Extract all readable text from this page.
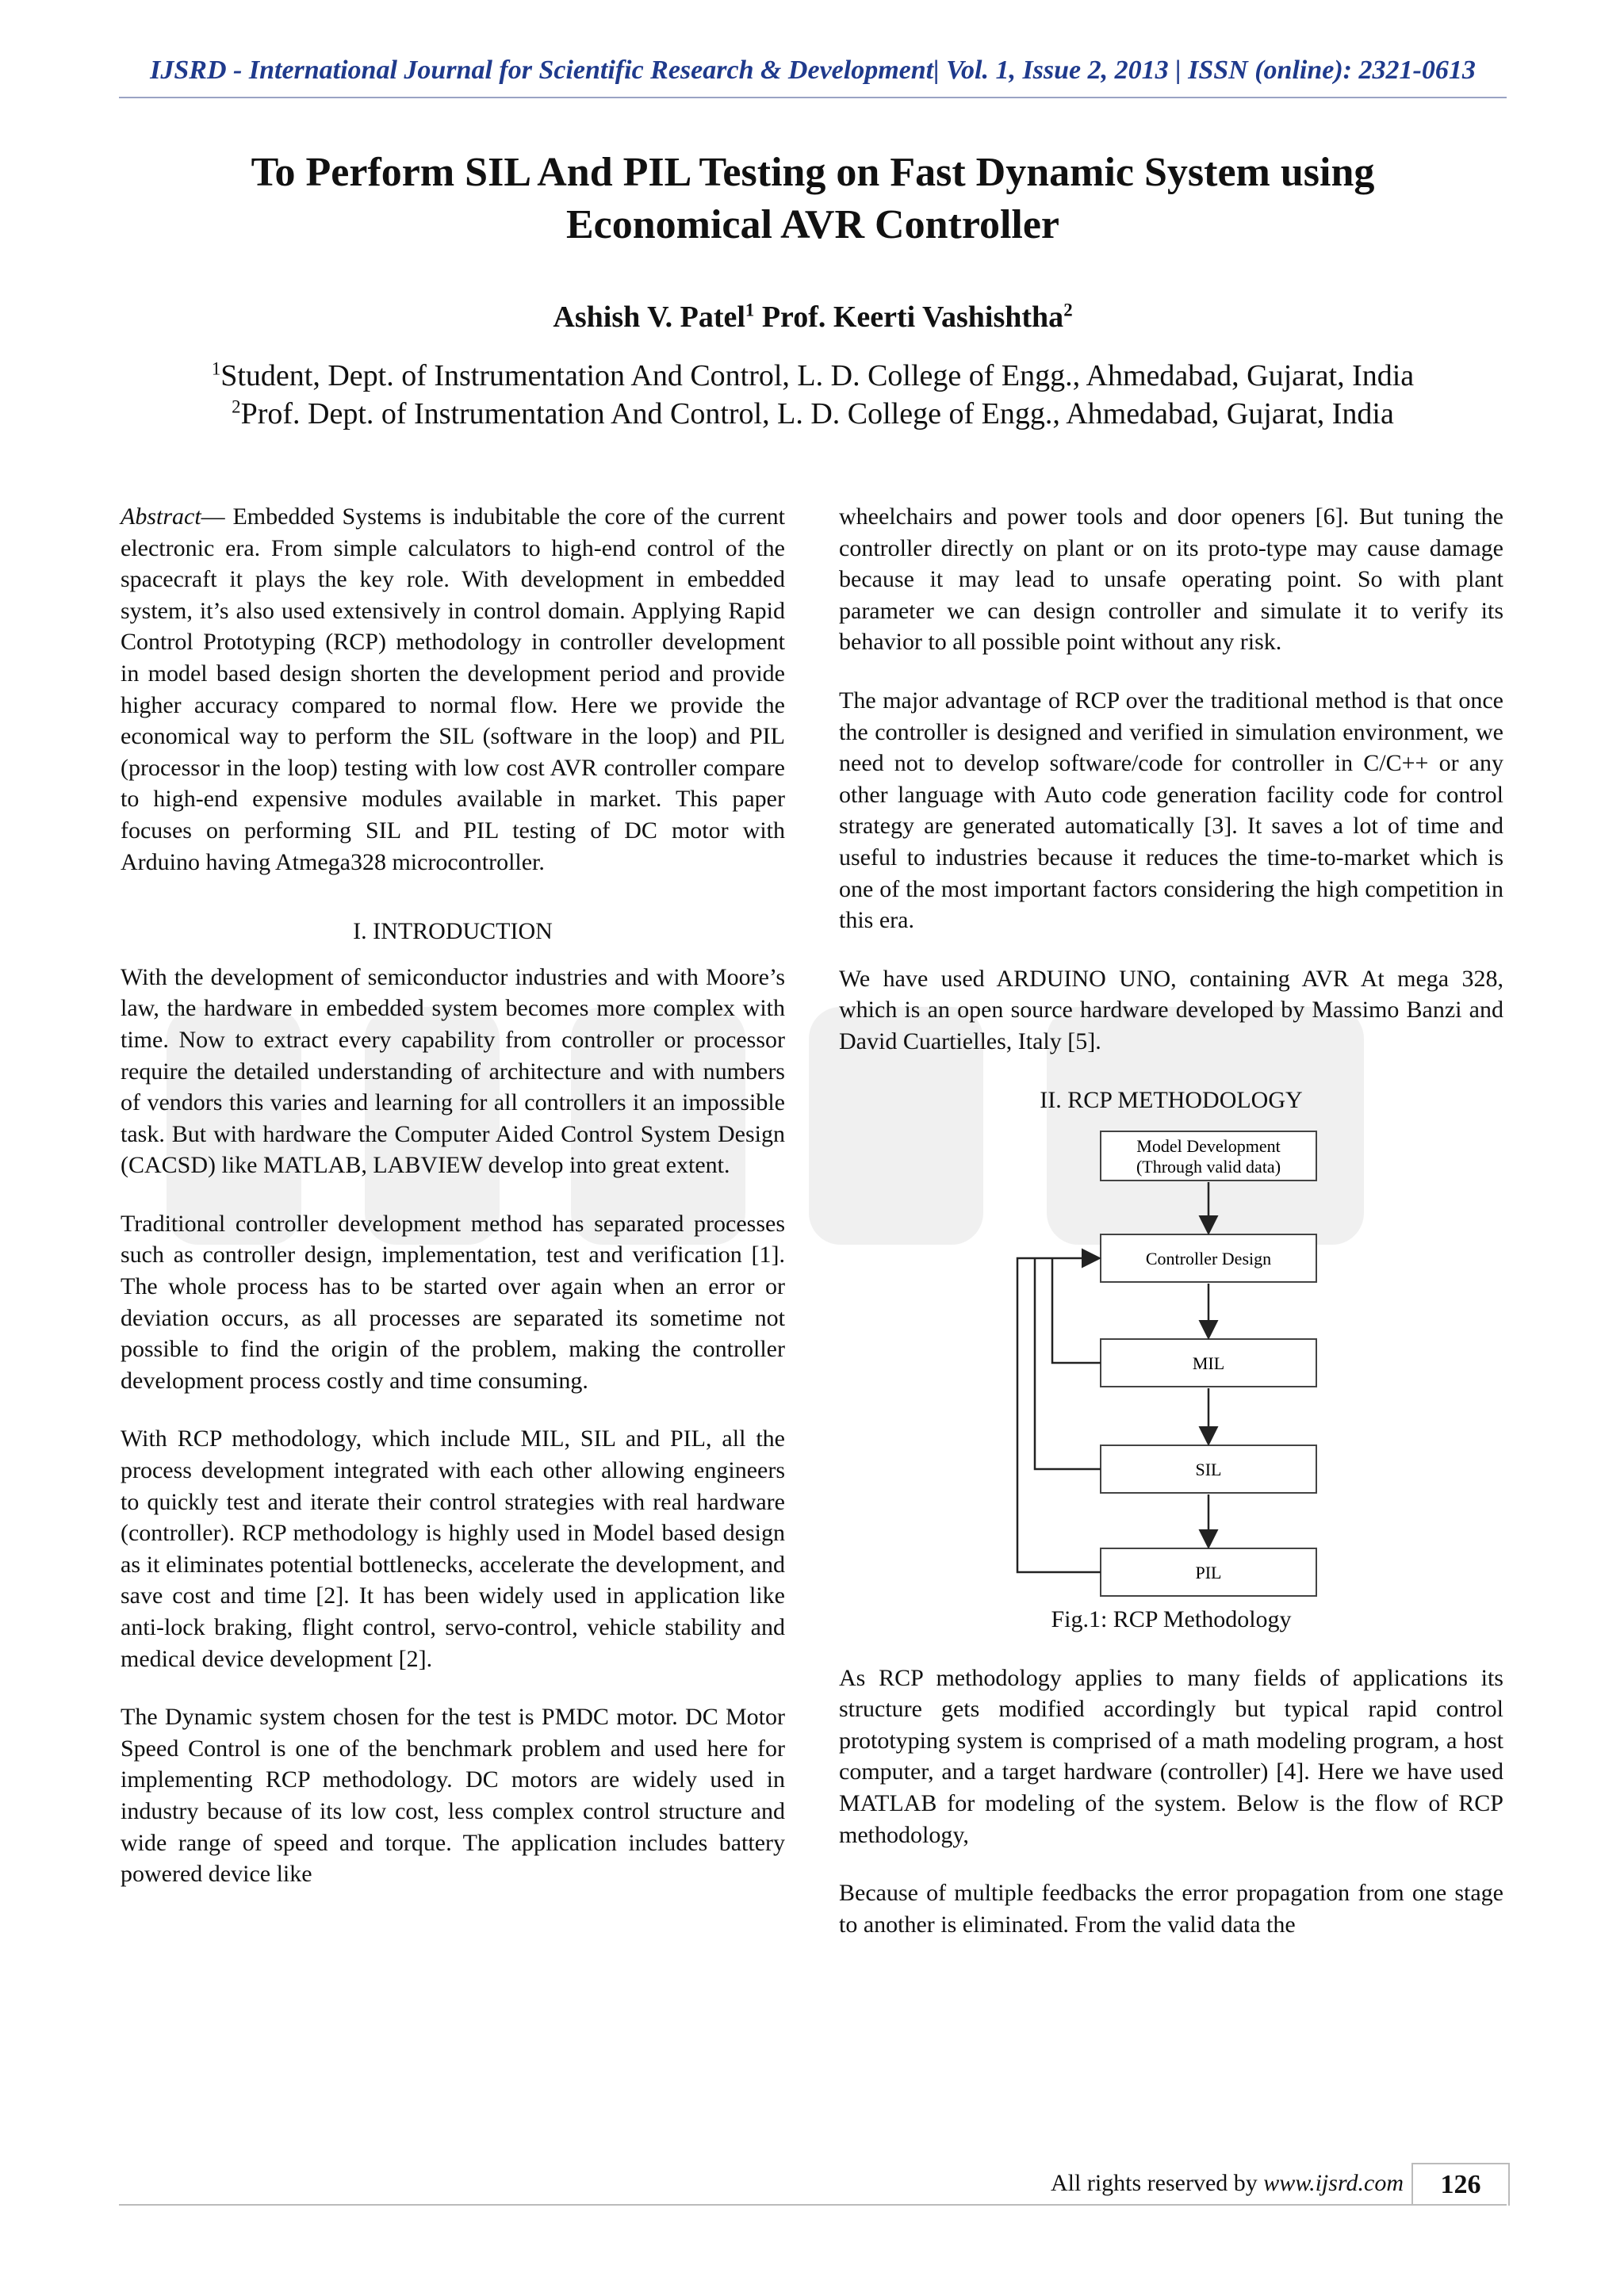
IJSRD - International Journal for Scientific Research & Development| Vol. 1, Issue 2, 2013 | ISSN (online): 2321-0613
To Perform SIL And PIL Testing on Fast Dynamic System using
Economical AVR Controller
Ashish V. Patel$^1$ Prof. Keerti Vashishtha$^2$
$^1$Student, Dept. of Instrumentation And Control, L. D. College of Engg., Ahmedabad, Gujarat, India
$^2$Prof. Dept. of Instrumentation And Control, L. D. College of Engg., Ahmedabad, Gujarat, India

Abstract— Embedded Systems is indubitable the core of the current electronic era. From simple calculators to high-end control of the spacecraft it plays the key role. With development in embedded system, it’s also used extensively in control domain. Applying Rapid Control Prototyping (RCP) methodology in controller development in model based design shorten the development period and provide higher accuracy compared to normal flow. Here we provide the economical way to perform the SIL (software in the loop) and PIL (processor in the loop) testing with low cost AVR controller compare to high-end expensive modules available in market. This paper focuses on performing SIL and PIL testing of DC motor with Arduino having Atmega328 microcontroller.

I. INTRODUCTION

With the development of semiconductor industries and with Moore’s law, the hardware in embedded system becomes more complex with time. Now to extract every capability from controller or processor require the detailed understanding of architecture and with numbers of vendors this varies and learning for all controllers it an impossible task. But with hardware the Computer Aided Control System Design (CACSD) like MATLAB, LABVIEW develop into great extent.

Traditional controller development method has separated processes such as controller design, implementation, test and verification [1]. The whole process has to be started over again when an error or deviation occurs, as all processes are separated its sometime not possible to find the origin of the problem, making the controller development process costly and time consuming.

With RCP methodology, which include MIL, SIL and PIL, all the process development integrated with each other allowing engineers to quickly test and iterate their control strategies with real hardware (controller). RCP methodology is highly used in Model based design as it eliminates potential bottlenecks, accelerate the development, and save cost and time [2]. It has been widely used in application like anti-lock braking, flight control, servo-control, vehicle stability and medical device development [2].

The Dynamic system chosen for the test is PMDC motor. DC Motor Speed Control is one of the benchmark problem and used here for implementing RCP methodology. DC motors are widely used in industry because of its low cost, less complex control structure and wide range of speed and torque. The application includes battery powered device like

wheelchairs and power tools and door openers [6]. But tuning the controller directly on plant or on its proto-type may cause damage because it may lead to unsafe operating point. So with plant parameter we can design controller and simulate it to verify its behavior to all possible point without any risk.

The major advantage of RCP over the traditional method is that once the controller is designed and verified in simulation environment, we need not to develop software/code for controller in C/C++ or any other language with Auto code generation facility code for control strategy are generated automatically [3]. It saves a lot of time and useful to industries because it reduces the time-to-market which is one of the most important factors considering the high competition in this era.

We have used ARDUINO UNO, containing AVR At mega 328, which is an open source hardware developed by Massimo Banzi and David Cuartielles, Italy [5].

II. RCP METHODOLOGY
Model Development
(Through valid data)
Controller Design
MIL
SIL
PIL
Fig.1: RCP Methodology

As RCP methodology applies to many fields of applications its structure gets modified accordingly but typical rapid control prototyping system is comprised of a math modeling program, a host computer, and a target hardware (controller) [4]. Here we have used MATLAB for modeling of the system. Below is the flow of RCP methodology,

Because of multiple feedbacks the error propagation from one stage to another is eliminated. From the valid data the

All rights reserved by www.ijsrd.com	126
